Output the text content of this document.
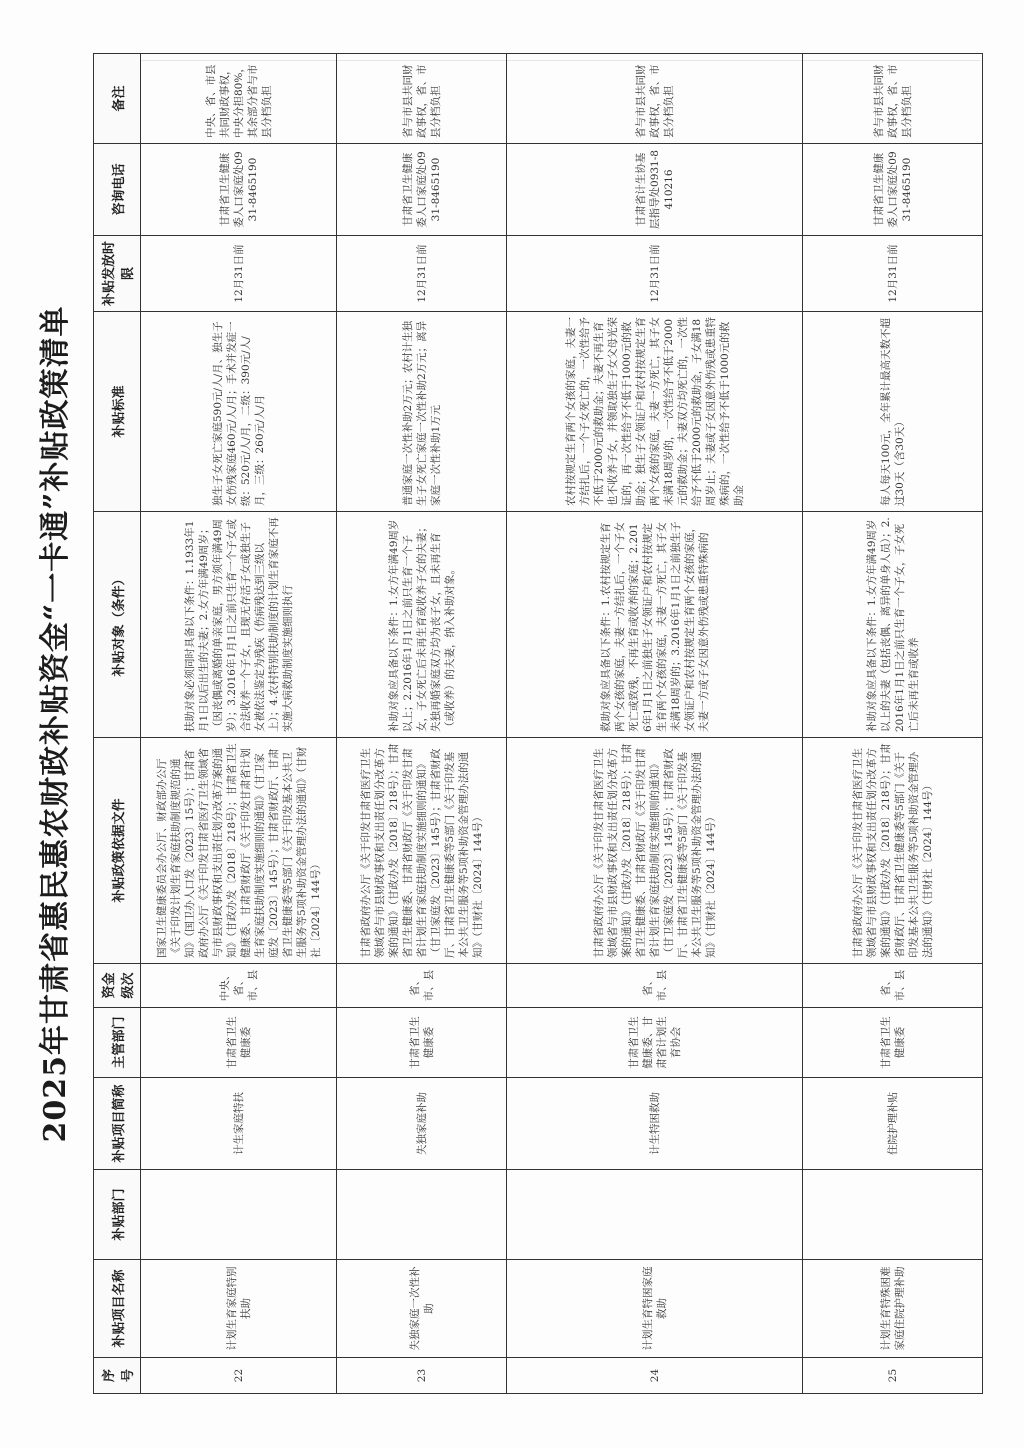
2025年甘肃省惠民惠农财政补贴资金“一卡通”补贴政策清单
序号	补贴项目名称	补贴部门	补贴项目简称	主管部门	资金级次	补贴政策依据文件	补贴对象（条件）	补贴标准	补贴发放时限	咨询电话	备注
22	计划生育家庭特别扶助		计生家庭特扶	甘肃省卫生健康委	中央、省、市、县	国家卫生健康委员会办公厅、财政部办公厅《关于印发计划生育家庭扶助制度规范的通知》（国卫办人口发〔2023〕15号）；甘肃省政府办公厅《关于印发甘肃省医疗卫生领域省与市县财政事权和支出责任划分改革方案的通知》（甘政办发〔2018〕218号）；甘肃省卫生健康委、甘肃省财政厅《关于印发甘肃省计划生育家庭扶助制度实施细则的通知》（甘卫家庭发〔2023〕145号）；甘肃省财政厅、甘肃省卫生健康委等5部门《关于印发基本公共卫生服务等5项补助资金管理办法的通知》（甘财社〔2024〕144号）	扶助对象必须同时具备以下条件：1.1933年1月1日以后出生的夫妻；2.女方年满49周岁；（因丧偶或离婚的单亲家庭，男方须年满49周岁）；3.2016年1月1日之前只生育一个子女或合法收养一个子女，且现无存活子女或独生子女被依法鉴定为残疾（伤病残达到三级以上）；4.农村特别扶助制度的计划生育家庭不再实施大病救助制度实施细则执行	独生子女死亡家庭590元/人/月、独生子女伤残家庭460元/人/月；手术并发症一级：520元/人/月，二级：390元/人/月，三级：260元/人/月	12月31日前	甘肃省卫生健康委人口家庭处0931-8465190	中央、省、市县共同财政事权，中央分担80%，其余部分省与市县分档负担
23	失独家庭一次性补助		失独家庭补助	甘肃省卫生健康委	省、市、县	甘肃省政府办公厅《关于印发甘肃省医疗卫生领域省与市县财政事权和支出责任划分改革方案的通知》（甘政办发〔2018〕218号）；甘肃省卫生健康委、甘肃省财政厅《关于印发甘肃省计划生育家庭扶助制度实施细则的通知》（甘卫家庭发〔2023〕145号）；甘肃省财政厅、甘肃省卫生健康委等5部门《关于印发基本公共卫生服务等5项补助资金管理办法的通知》（甘财社〔2024〕144号）	补助对象应具备以下条件：1.女方年满49周岁以上；2.2016年1月1日之前只生育一个子女，子女死亡后未再生育或收养子女的夫妻；失独再婚家庭双方均为丧子女，且未再生育（或收养）的夫妻，纳入补助对象。	普通家庭一次性补助2万元；农村计生独生子女死亡家庭一次性补助2万元；离异家庭一次性补助1万元	12月31日前	甘肃省卫生健康委人口家庭处0931-8465190	省与市县共同财政事权，省、市县分档负担
24	计划生育特困家庭救助		计生特困救助	甘肃省卫生健康委、甘肃省计划生育协会	省、市、县	甘肃省政府办公厅《关于印发甘肃省医疗卫生领域省与市县财政事权和支出责任划分改革方案的通知》（甘政办发〔2018〕218号）；甘肃省卫生健康委、甘肃省财政厅《关于印发甘肃省计划生育家庭扶助制度实施细则的通知》（甘卫家庭发〔2023〕145号）；甘肃省财政厅、甘肃省卫生健康委等5部门《关于印发基本公共卫生服务等5项补助资金管理办法的通知》（甘财社〔2024〕144号）	救助对象应具备以下条件：1.农村按规定生育两个女孩的家庭，夫妻一方结扎后，一个子女死亡或致残，不再生育或收养的家庭；2.2016年1月1日之前独生子女领证户和农村按规定生育两个女孩的家庭，夫妻一方死亡，其子女未满18周岁的；3.2016年1月1日之前独生子女领证户和农村按规定生育两个女孩的家庭，夫妻一方或子女因意外伤残或患重特殊病的	农村按规定生育两个女孩的家庭，夫妻一方结扎后，一个子女死亡的，一次性给予不低于2000元的救助金；夫妻不再生育也不收养子女，并领取独生子女父母光荣证的，再一次性给予不低于1000元的救助金；独生子女领证户和农村按规定生育两个女孩的家庭，夫妻一方死亡，其子女未满18周岁的，一次性给予不低于2000元的救助金；夫妻双方均死亡的，一次性给予不低于2000元的救助金，子女满18周岁止；夫妻或子女因意外伤残或患重特殊病的，一次性给予不低于1000元的救助金	12月31日前	甘肃省计生协基层指导处0931-8410216	省与市县共同财政事权，省、市县分档负担
25	计划生育特殊困难家庭住院护理补助		住院护理补贴	甘肃省卫生健康委	省、市、县	甘肃省政府办公厅《关于印发甘肃省医疗卫生领域省与市县财政事权和支出责任划分改革方案的通知》（甘政办发〔2018〕218号）；甘肃省财政厅、甘肃省卫生健康委等5部门《关于印发基本公共卫生服务等5项补助资金管理办法的通知》（甘财社〔2024〕144号）	补助对象应具备以下条件：1.女方年满49周岁以上的夫妻（包括丧偶、离异的单身人员）；2.2016年1月1日之前只生育一个子女，子女死亡后未再生育或收养	每人每天100元，全年累计最高天数不超过30天（含30天）	12月31日前	甘肃省卫生健康委人口家庭处0931-8465190	省与市县共同财政事权，省、市县分档负担
